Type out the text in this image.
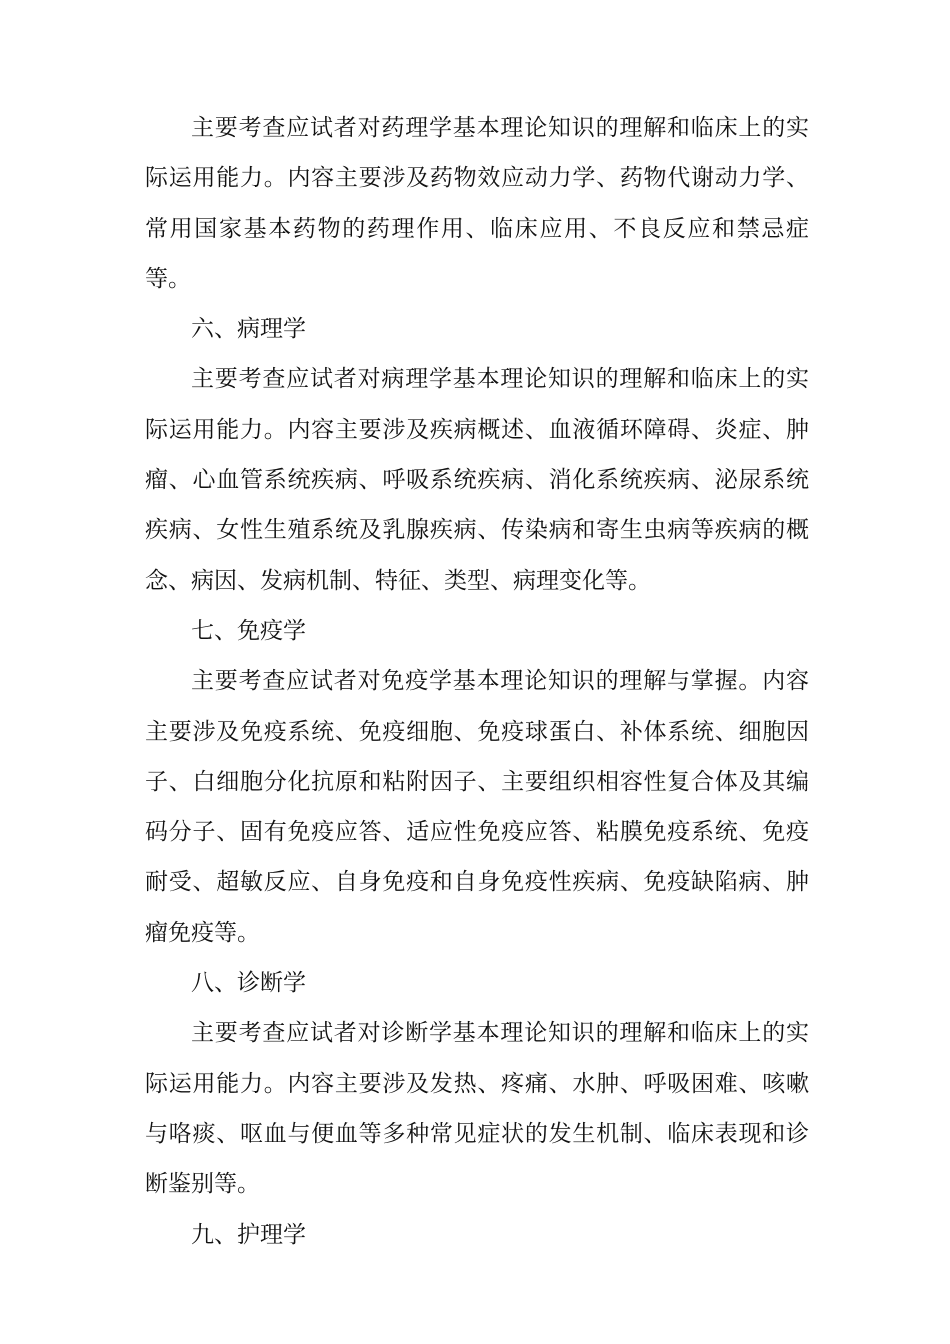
主要考查应试者对药理学基本理论知识的理解和临床上的实际运用能力。内容主要涉及药物效应动力学、药物代谢动力学、常用国家基本药物的药理作用、临床应用、不良反应和禁忌症等。

六、病理学

主要考查应试者对病理学基本理论知识的理解和临床上的实际运用能力。内容主要涉及疾病概述、血液循环障碍、炎症、肿瘤、心血管系统疾病、呼吸系统疾病、消化系统疾病、泌尿系统疾病、女性生殖系统及乳腺疾病、传染病和寄生虫病等疾病的概念、病因、发病机制、特征、类型、病理变化等。

七、免疫学

主要考查应试者对免疫学基本理论知识的理解与掌握。内容主要涉及免疫系统、免疫细胞、免疫球蛋白、补体系统、细胞因子、白细胞分化抗原和粘附因子、主要组织相容性复合体及其编码分子、固有免疫应答、适应性免疫应答、粘膜免疫系统、免疫耐受、超敏反应、自身免疫和自身免疫性疾病、免疫缺陷病、肿瘤免疫等。

八、诊断学

主要考查应试者对诊断学基本理论知识的理解和临床上的实际运用能力。内容主要涉及发热、疼痛、水肿、呼吸困难、咳嗽与咯痰、呕血与便血等多种常见症状的发生机制、临床表现和诊断鉴别等。

九、护理学
